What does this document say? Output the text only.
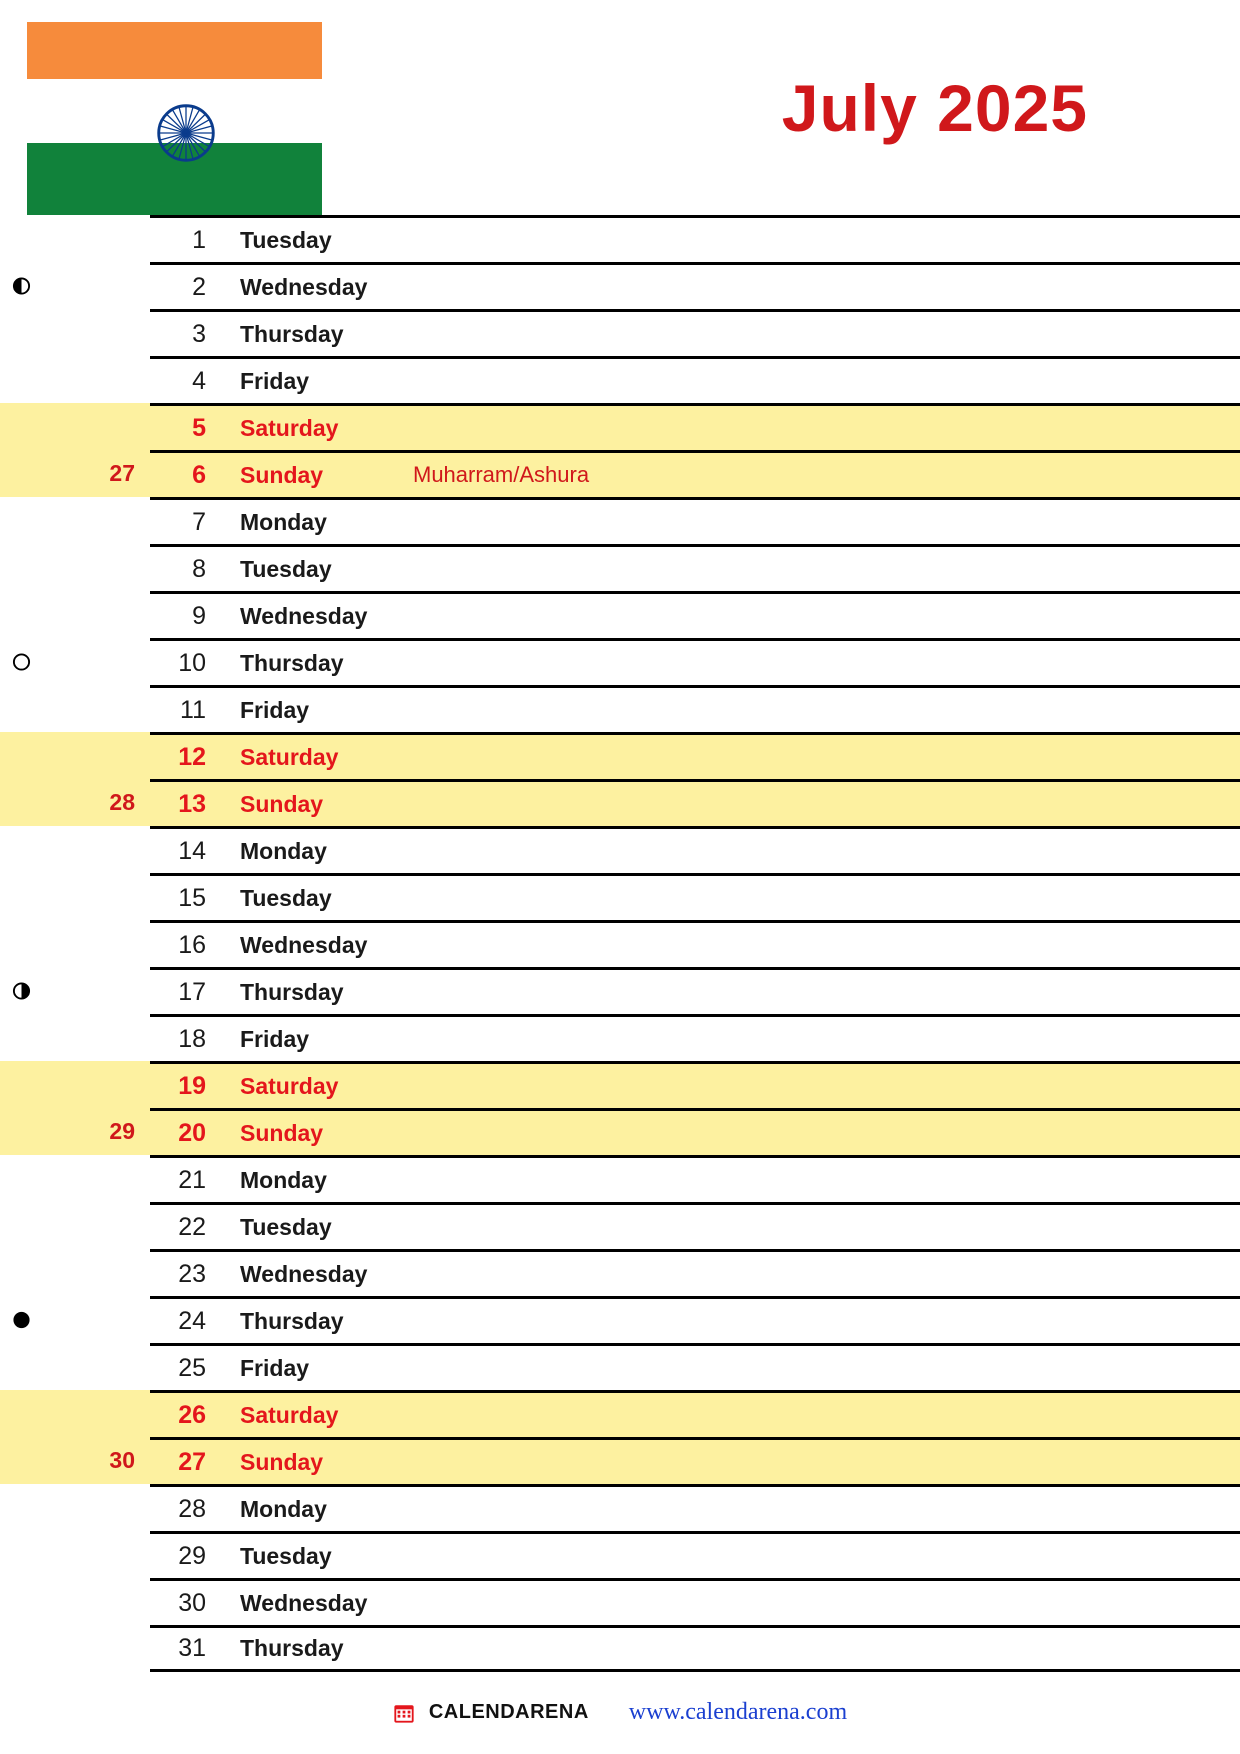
July 2025
1	Tuesday
2	Wednesday
3	Thursday
4	Friday
5	Saturday
27	6	Sunday	Muharram/Ashura
7	Monday
8	Tuesday
9	Wednesday
10	Thursday
11	Friday
12	Saturday
28	13	Sunday
14	Monday
15	Tuesday
16	Wednesday
17	Thursday
18	Friday
19	Saturday
29	20	Sunday
21	Monday
22	Tuesday
23	Wednesday
24	Thursday
25	Friday
26	Saturday
30	27	Sunday
28	Monday
29	Tuesday
30	Wednesday
31	Thursday
CALENDARENA www.calendarena.com
